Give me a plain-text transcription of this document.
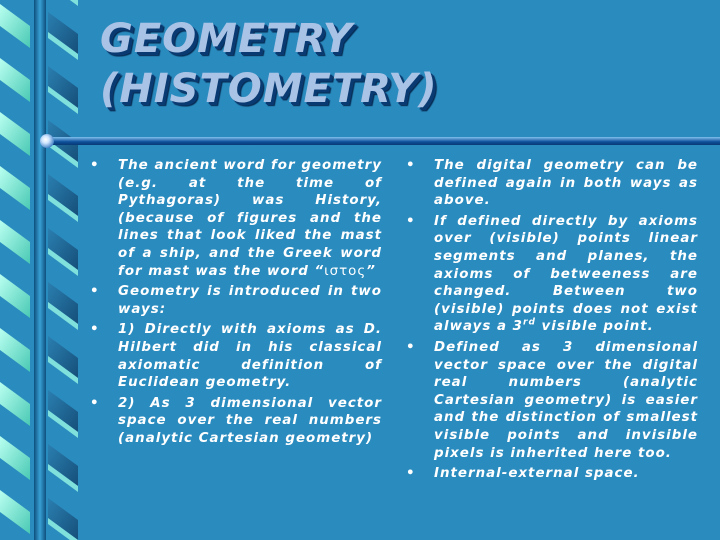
GEOMETRY
(HISTOMETRY)
• The ancient word for geometry (e.g. at the time of Pythagoras) was History, (because of figures and the lines that look liked the mast of a ship, and the Greek word for mast was the word “ιστος”
• Geometry is introduced in two ways:
• 1) Directly with axioms as D. Hilbert did in his classical axiomatic definition of Euclidean geometry.
• 2) As 3 dimensional vector space over the real numbers (analytic Cartesian geometry)
• The digital geometry can be defined again in both ways as above.
• If defined directly by axioms over (visible) points linear segments and planes, the axioms of betweeness are changed. Between two (visible) points does not exist always a 3rd visible point.
• Defined as 3 dimensional vector space over the digital real numbers (analytic Cartesian geometry) is easier and the distinction of smallest visible points and invisible pixels is inherited here too.
• Internal-external space.
